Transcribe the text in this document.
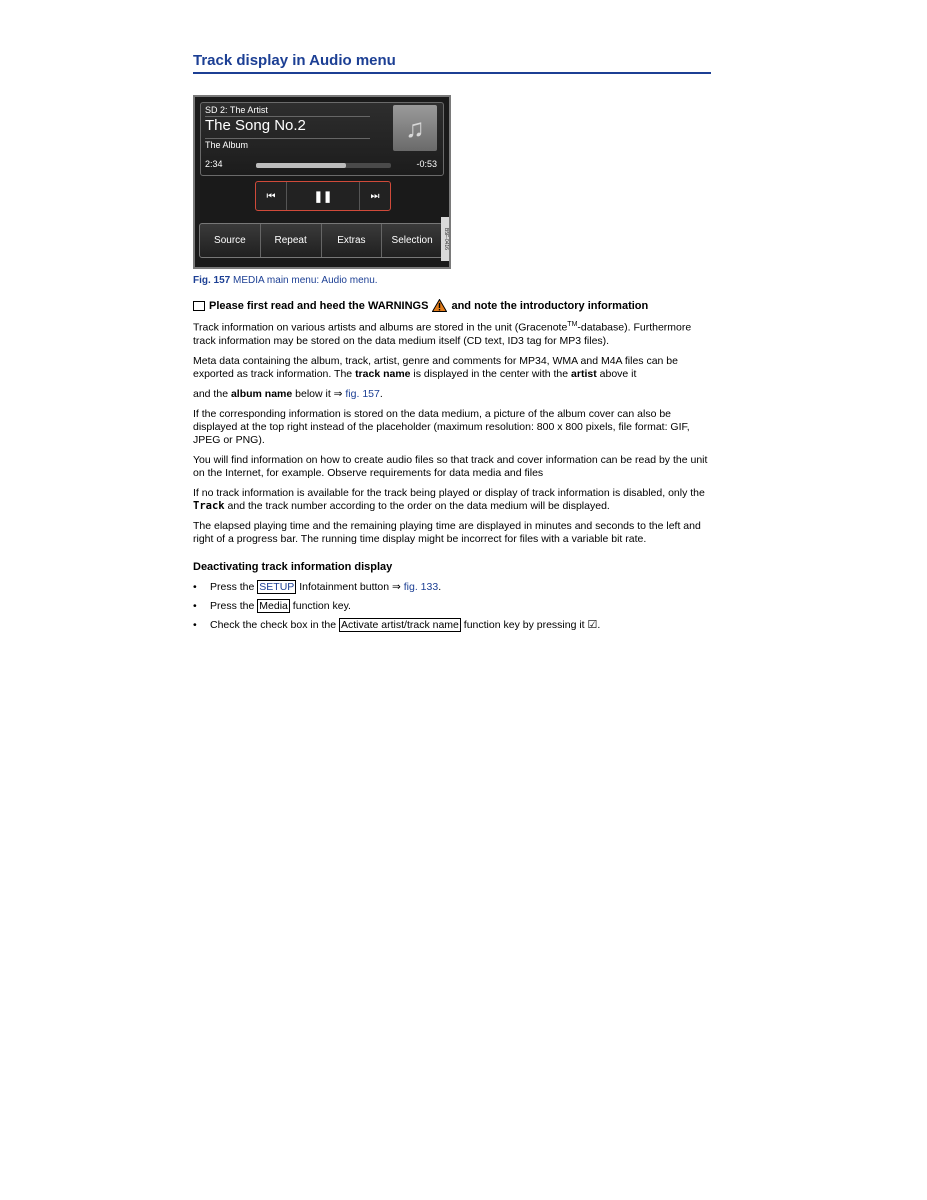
Track display in Audio menu
SD 2: The Artist
The Song No.2
The Album
2:34	-0:53
♫
⏮	❚❚	⏭
Source	Repeat	Extras	Selection	B5F-0416
Fig. 157 MEDIA main menu: Audio menu.
Please first read and heed the WARNINGS and note the introductory information

Track information on various artists and albums are stored in the unit (Gracenote™-database). Furthermore track information may be stored on the data medium itself (CD text, ID3 tag for MP3 files).

Meta data containing the album, track, artist, genre and comments for MP34, WMA and M4A files can be exported as track information. The track name is displayed in the center with the artist above it

and the album name below it ⇒ fig. 157.

If the corresponding information is stored on the data medium, a picture of the album cover can also be displayed at the top right instead of the placeholder (maximum resolution: 800 x 800 pixels, file format: GIF, JPEG or PNG).

You will find information on how to create audio files so that track and cover information can be read by the unit on the Internet, for example. Observe requirements for data media and files

If no track information is available for the track being played or display of track information is disabled, only the Track and the track number according to the order on the data medium will be displayed.

The elapsed playing time and the remaining playing time are displayed in minutes and seconds to the left and right of a progress bar. The running time display might be incorrect for files with a variable bit rate.

Deactivating track information display
• Press the SETUP Infotainment button ⇒ fig. 133.
• Press the Media function key.
• Check the check box in the Activate artist/track name function key by pressing it ☑.
